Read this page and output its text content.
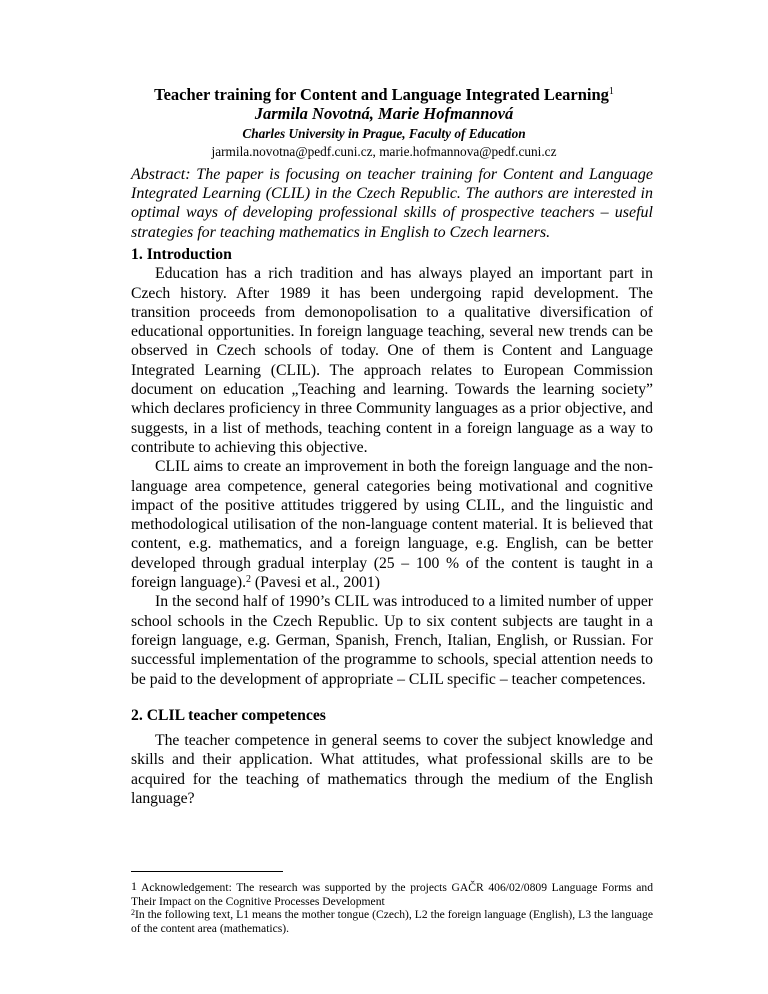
Teacher training for Content and Language Integrated Learning$^1$
Jarmila Novotná, Marie Hofmannová
Charles University in Prague, Faculty of Education
jarmila.novotna@pedf.cuni.cz, marie.hofmannova@pedf.cuni.cz
Abstract: The paper is focusing on teacher training for Content and Language Integrated Learning (CLIL) in the Czech Republic. The authors are interested in optimal ways of developing professional skills of prospective teachers – useful strategies for teaching mathematics in English to Czech learners.
1. Introduction
Education has a rich tradition and has always played an important part in Czech history. After 1989 it has been undergoing rapid development. The transition proceeds from demonopolisation to a qualitative diversification of educational opportunities. In foreign language teaching, several new trends can be observed in Czech schools of today. One of them is Content and Language Integrated Learning (CLIL). The approach relates to European Commission document on education „Teaching and learning. Towards the learning society” which declares proficiency in three Community languages as a prior objective, and suggests, in a list of methods, teaching content in a foreign language as a way to contribute to achieving this objective.
CLIL aims to create an improvement in both the foreign language and the non-language area competence, general categories being motivational and cognitive impact of the positive attitudes triggered by using CLIL, and the linguistic and methodological utilisation of the non-language content material. It is believed that content, e.g. mathematics, and a foreign language, e.g. English, can be better developed through gradual interplay (25 – 100 % of the content is taught in a foreign language).$^2$ (Pavesi et al., 2001)
In the second half of 1990’s CLIL was introduced to a limited number of upper school schools in the Czech Republic. Up to six content subjects are taught in a foreign language, e.g. German, Spanish, French, Italian, English, or Russian. For successful implementation of the programme to schools, special attention needs to be paid to the development of appropriate – CLIL specific – teacher competences.
2. CLIL teacher competences
The teacher competence in general seems to cover the subject knowledge and skills and their application. What attitudes, what professional skills are to be acquired for the teaching of mathematics through the medium of the English language?
1 Acknowledgement: The research was supported by the projects GAČR 406/02/0809 Language Forms and Their Impact on the Cognitive Processes Development
$^2$In the following text, L1 means the mother tongue (Czech), L2 the foreign language (English), L3 the language of the content area (mathematics).
